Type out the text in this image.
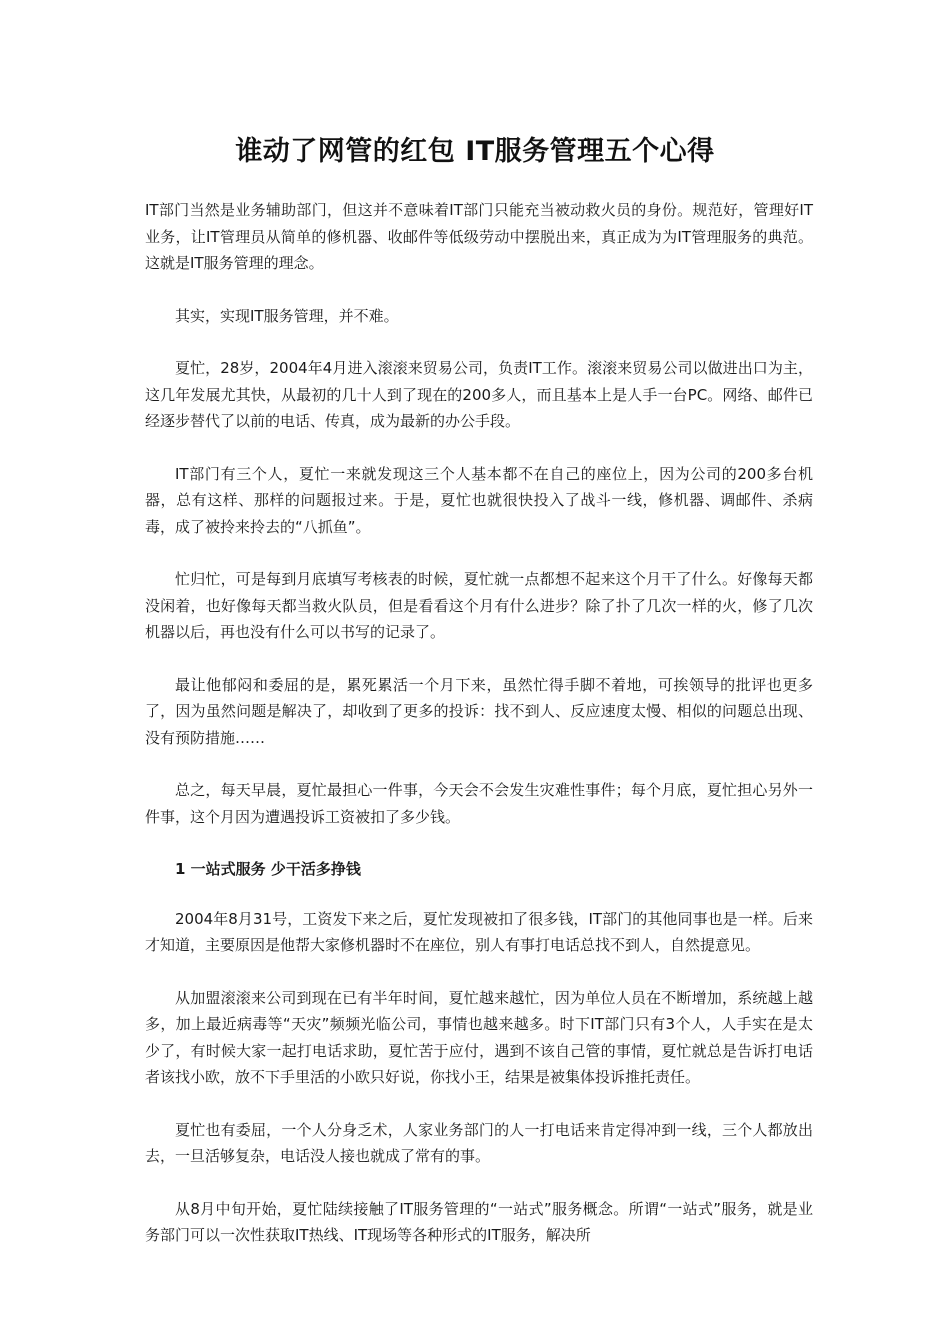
谁动了网管的红包 IT服务管理五个心得

IT部门当然是业务辅助部门，但这并不意味着IT部门只能充当被动救火员的身份。规范好，管理好IT业务，让IT管理员从简单的修机器、收邮件等低级劳动中摆脱出来，真正成为为IT管理服务的典范。这就是IT服务管理的理念。

其实，实现IT服务管理，并不难。

夏忙，28岁，2004年4月进入滚滚来贸易公司，负责IT工作。滚滚来贸易公司以做进出口为主，这几年发展尤其快，从最初的几十人到了现在的200多人，而且基本上是人手一台PC。网络、邮件已经逐步替代了以前的电话、传真，成为最新的办公手段。

IT部门有三个人，夏忙一来就发现这三个人基本都不在自己的座位上，因为公司的200多台机器，总有这样、那样的问题报过来。于是，夏忙也就很快投入了战斗一线，修机器、调邮件、杀病毒，成了被拎来拎去的“八抓鱼”。

忙归忙，可是每到月底填写考核表的时候，夏忙就一点都想不起来这个月干了什么。好像每天都没闲着，也好像每天都当救火队员，但是看看这个月有什么进步？除了扑了几次一样的火，修了几次机器以后，再也没有什么可以书写的记录了。

最让他郁闷和委屈的是，累死累活一个月下来，虽然忙得手脚不着地，可挨领导的批评也更多了，因为虽然问题是解决了，却收到了更多的投诉：找不到人、反应速度太慢、相似的问题总出现、没有预防措施……

总之，每天早晨，夏忙最担心一件事，今天会不会发生灾难性事件；每个月底，夏忙担心另外一件事，这个月因为遭遇投诉工资被扣了多少钱。

1 一站式服务 少干活多挣钱

2004年8月31号，工资发下来之后，夏忙发现被扣了很多钱，IT部门的其他同事也是一样。后来才知道，主要原因是他帮大家修机器时不在座位，别人有事打电话总找不到人，自然提意见。

从加盟滚滚来公司到现在已有半年时间，夏忙越来越忙，因为单位人员在不断增加，系统越上越多，加上最近病毒等“天灾”频频光临公司，事情也越来越多。时下IT部门只有3个人，人手实在是太少了，有时候大家一起打电话求助，夏忙苦于应付，遇到不该自己管的事情，夏忙就总是告诉打电话者该找小欧，放不下手里活的小欧只好说，你找小王，结果是被集体投诉推托责任。

夏忙也有委屈，一个人分身乏术，人家业务部门的人一打电话来肯定得冲到一线，三个人都放出去，一旦活够复杂，电话没人接也就成了常有的事。

从8月中旬开始，夏忙陆续接触了IT服务管理的“一站式”服务概念。所谓“一站式”服务，就是业务部门可以一次性获取IT热线、IT现场等各种形式的IT服务，解决所
